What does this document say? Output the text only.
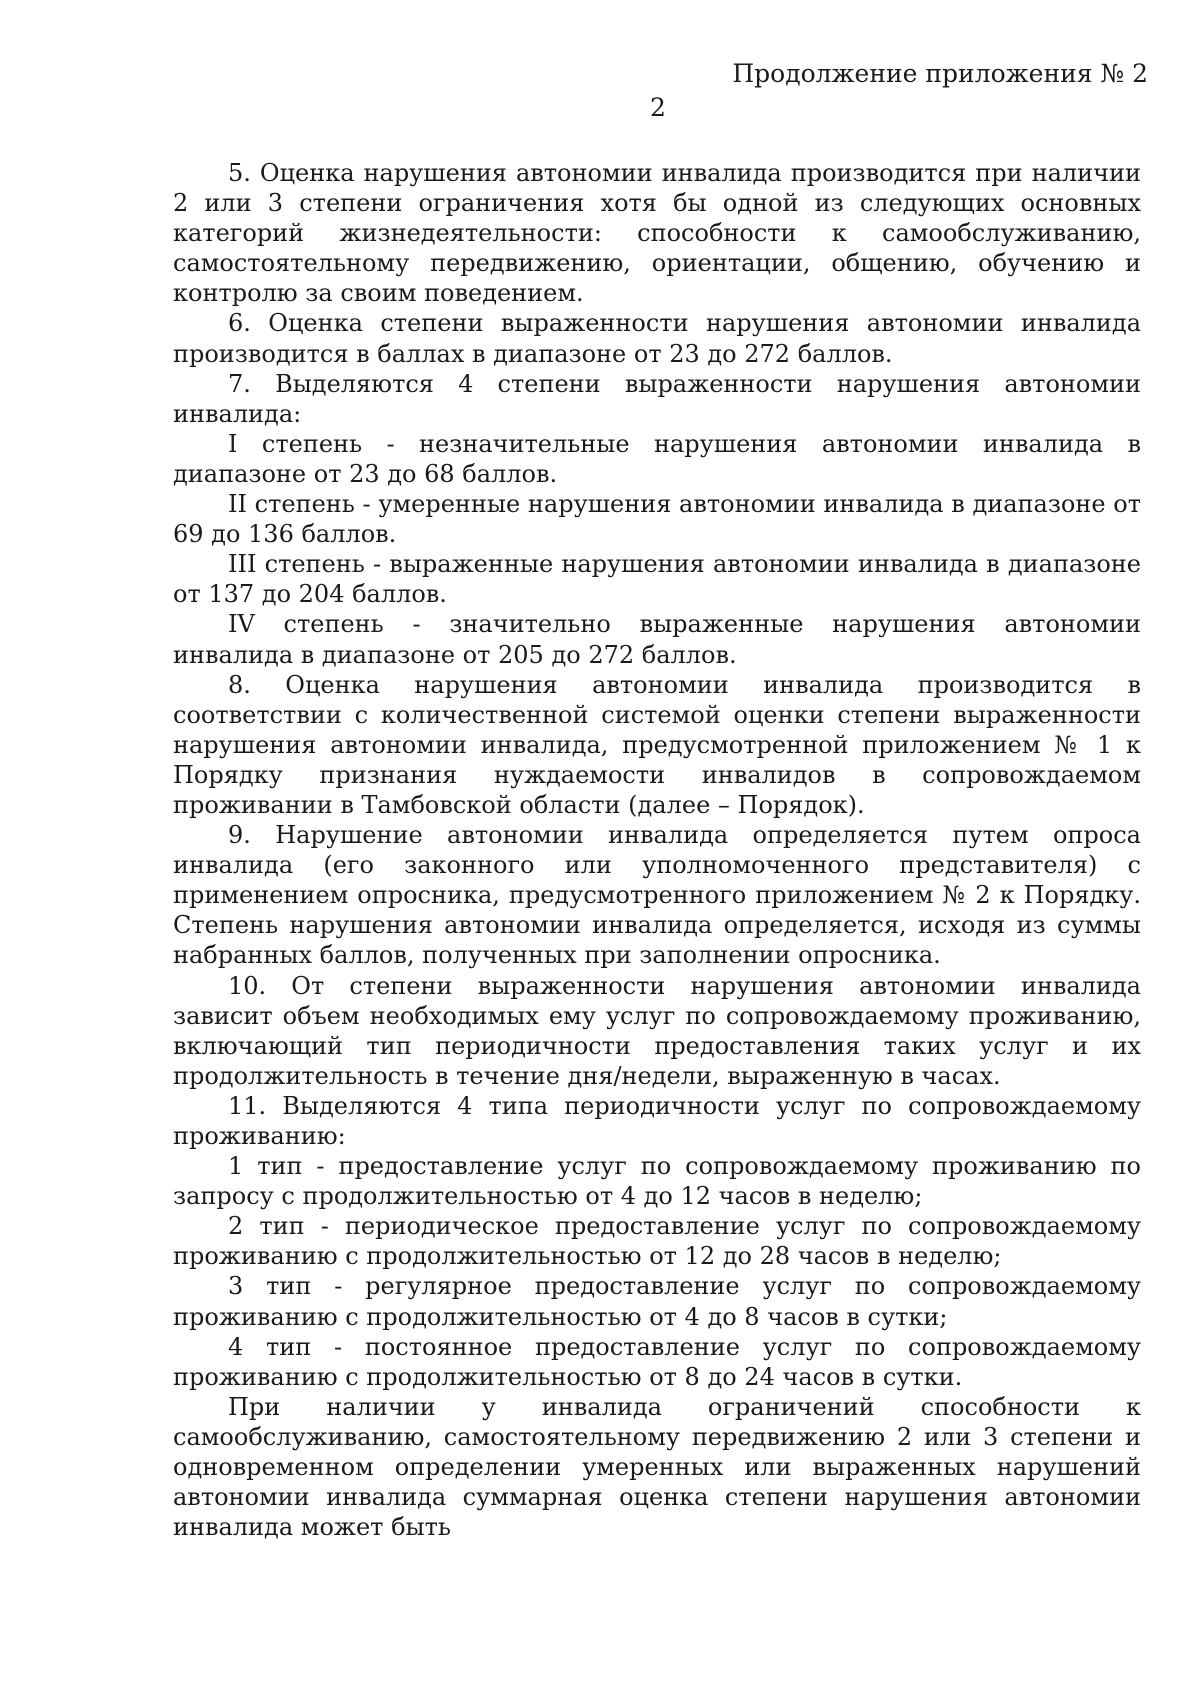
Продолжение приложения № 2
2

5. Оценка нарушения автономии инвалида производится при наличии 2 или 3 степени ограничения хотя бы одной из следующих основных категорий жизнедеятельности: способности к самообслуживанию, самостоятельному передвижению, ориентации, общению, обучению и контролю за своим поведением.

6. Оценка степени выраженности нарушения автономии инвалида производится в баллах в диапазоне от 23 до 272 баллов.

7. Выделяются 4 степени выраженности нарушения автономии инвалида:

I степень - незначительные нарушения автономии инвалида в диапазоне от 23 до 68 баллов.

II степень - умеренные нарушения автономии инвалида в диапазоне от 69 до 136 баллов.

III степень - выраженные нарушения автономии инвалида в диапазоне от 137 до 204 баллов.

IV степень - значительно выраженные нарушения автономии инвалида в диапазоне от 205 до 272 баллов.

8. Оценка нарушения автономии инвалида производится в соответствии с количественной системой оценки степени выраженности нарушения автономии инвалида, предусмотренной приложением № 1 к Порядку признания нуждаемости инвалидов в сопровождаемом проживании в Тамбовской области (далее – Порядок).

9. Нарушение автономии инвалида определяется путем опроса инвалида (его законного или уполномоченного представителя) с применением опросника, предусмотренного приложением № 2 к Порядку. Степень нарушения автономии инвалида определяется, исходя из суммы набранных баллов, полученных при заполнении опросника.

10. От степени выраженности нарушения автономии инвалида зависит объем необходимых ему услуг по сопровождаемому проживанию, включающий тип периодичности предоставления таких услуг и их продолжительность в течение дня/недели, выраженную в часах.

11. Выделяются 4 типа периодичности услуг по сопровождаемому проживанию:

1 тип - предоставление услуг по сопровождаемому проживанию по запросу с продолжительностью от 4 до 12 часов в неделю;

2 тип - периодическое предоставление услуг по сопровождаемому проживанию с продолжительностью от 12 до 28 часов в неделю;

3 тип - регулярное предоставление услуг по сопровождаемому проживанию с продолжительностью от 4 до 8 часов в сутки;

4 тип - постоянное предоставление услуг по сопровождаемому проживанию с продолжительностью от 8 до 24 часов в сутки.

При наличии у инвалида ограничений способности к самообслуживанию, самостоятельному передвижению 2 или 3 степени и одновременном определении умеренных или выраженных нарушений автономии инвалида суммарная оценка степени нарушения автономии инвалида может быть
